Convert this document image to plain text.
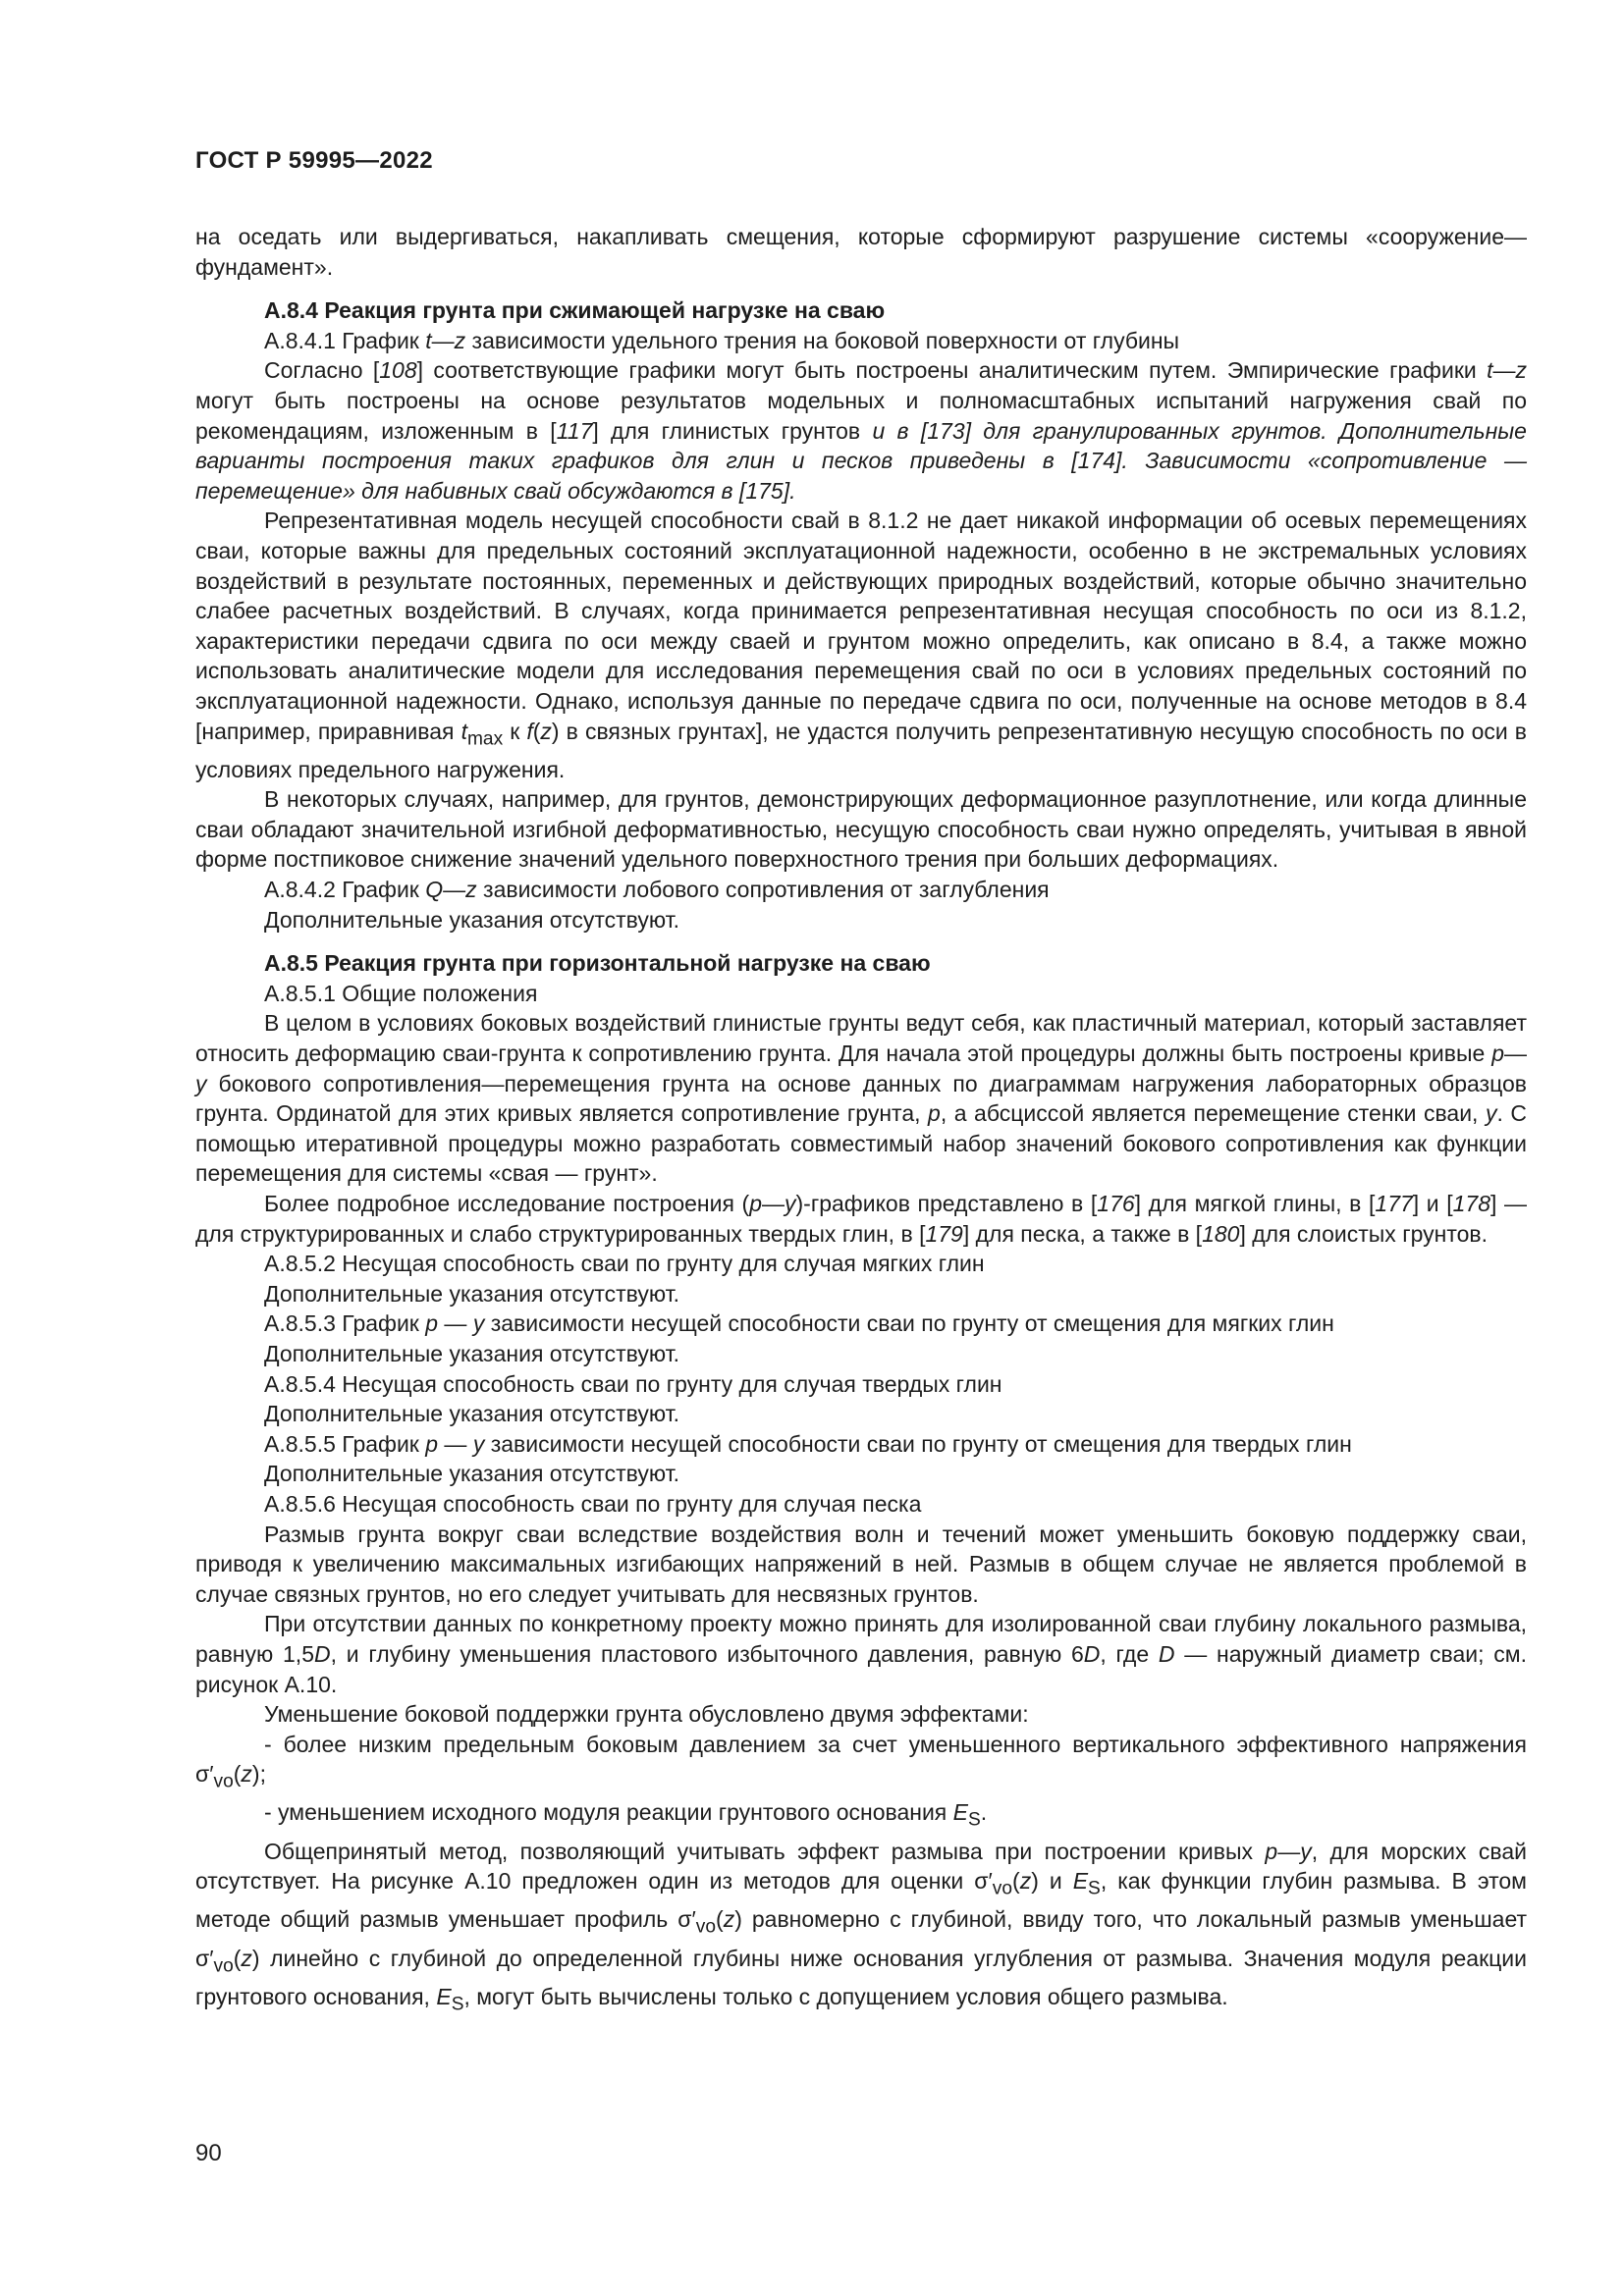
ГОСТ Р 59995—2022

на оседать или выдергиваться, накапливать смещения, которые сформируют разрушение системы «сооружение—фундамент».

А.8.4 Реакция грунта при сжимающей нагрузке на сваю

А.8.4.1 График t—z зависимости удельного трения на боковой поверхности от глубины

Согласно [108] соответствующие графики могут быть построены аналитическим путем. Эмпирические графики t—z могут быть построены на основе результатов модельных и полномасштабных испытаний нагружения свай по рекомендациям, изложенным в [117] для глинистых грунтов и в [173] для гранулированных грунтов. Дополнительные варианты построения таких графиков для глин и песков приведены в [174]. Зависимости «сопротивление — перемещение» для набивных свай обсуждаются в [175].

Репрезентативная модель несущей способности свай в 8.1.2 не дает никакой информации об осевых перемещениях сваи, которые важны для предельных состояний эксплуатационной надежности, особенно в не экстремальных условиях воздействий в результате постоянных, переменных и действующих природных воздействий, которые обычно значительно слабее расчетных воздействий. В случаях, когда принимается репрезентативная несущая способность по оси из 8.1.2, характеристики передачи сдвига по оси между сваей и грунтом можно определить, как описано в 8.4, а также можно использовать аналитические модели для исследования перемещения свай по оси в условиях предельных состояний по эксплуатационной надежности. Однако, используя данные по передаче сдвига по оси, полученные на основе методов в 8.4 [например, приравнивая $t_{max}$ к f(z) в связных грунтах], не удастся получить репрезентативную несущую способность по оси в условиях предельного нагружения.

В некоторых случаях, например, для грунтов, демонстрирующих деформационное разуплотнение, или когда длинные сваи обладают значительной изгибной деформативностью, несущую способность сваи нужно определять, учитывая в явной форме постпиковое снижение значений удельного поверхностного трения при больших деформациях.

А.8.4.2 График Q—z зависимости лобового сопротивления от заглубления

Дополнительные указания отсутствуют.

А.8.5 Реакция грунта при горизонтальной нагрузке на сваю

А.8.5.1 Общие положения

В целом в условиях боковых воздействий глинистые грунты ведут себя, как пластичный материал, который заставляет относить деформацию сваи-грунта к сопротивлению грунта. Для начала этой процедуры должны быть построены кривые p—y бокового сопротивления—перемещения грунта на основе данных по диаграммам нагружения лабораторных образцов грунта. Ординатой для этих кривых является сопротивление грунта, p, а абсциссой является перемещение стенки сваи, y. С помощью итеративной процедуры можно разработать совместимый набор значений бокового сопротивления как функции перемещения для системы «свая — грунт».

Более подробное исследование построения (p—y)-графиков представлено в [176] для мягкой глины, в [177] и [178] — для структурированных и слабо структурированных твердых глин, в [179] для песка, а также в [180] для слоистых грунтов.

А.8.5.2 Несущая способность сваи по грунту для случая мягких глин

Дополнительные указания отсутствуют.

А.8.5.3 График p — y зависимости несущей способности сваи по грунту от смещения для мягких глин

Дополнительные указания отсутствуют.

А.8.5.4 Несущая способность сваи по грунту для случая твердых глин

Дополнительные указания отсутствуют.

А.8.5.5 График p — y зависимости несущей способности сваи по грунту от смещения для твердых глин

Дополнительные указания отсутствуют.

А.8.5.6 Несущая способность сваи по грунту для случая песка

Размыв грунта вокруг сваи вследствие воздействия волн и течений может уменьшить боковую поддержку сваи, приводя к увеличению максимальных изгибающих напряжений в ней. Размыв в общем случае не является проблемой в случае связных грунтов, но его следует учитывать для несвязных грунтов.

При отсутствии данных по конкретному проекту можно принять для изолированной сваи глубину локального размыва, равную 1,5D, и глубину уменьшения пластового избыточного давления, равную 6D, где D — наружный диаметр сваи; см. рисунок А.10.

Уменьшение боковой поддержки грунта обусловлено двумя эффектами:

- более низким предельным боковым давлением за счет уменьшенного вертикального эффективного напряжения $\sigma'_{vo}(z)$;

- уменьшением исходного модуля реакции грунтового основания $E_S$.

Общепринятый метод, позволяющий учитывать эффект размыва при построении кривых p—y, для морских свай отсутствует. На рисунке А.10 предложен один из методов для оценки $\sigma'_{vo}(z)$ и $E_S$, как функции глубин размыва. В этом методе общий размыв уменьшает профиль $\sigma'_{vo}(z)$ равномерно с глубиной, ввиду того, что локальный размыв уменьшает $\sigma'_{vo}(z)$ линейно с глубиной до определенной глубины ниже основания углубления от размыва. Значения модуля реакции грунтового основания, $E_S$, могут быть вычислены только с допущением условия общего размыва.

90
